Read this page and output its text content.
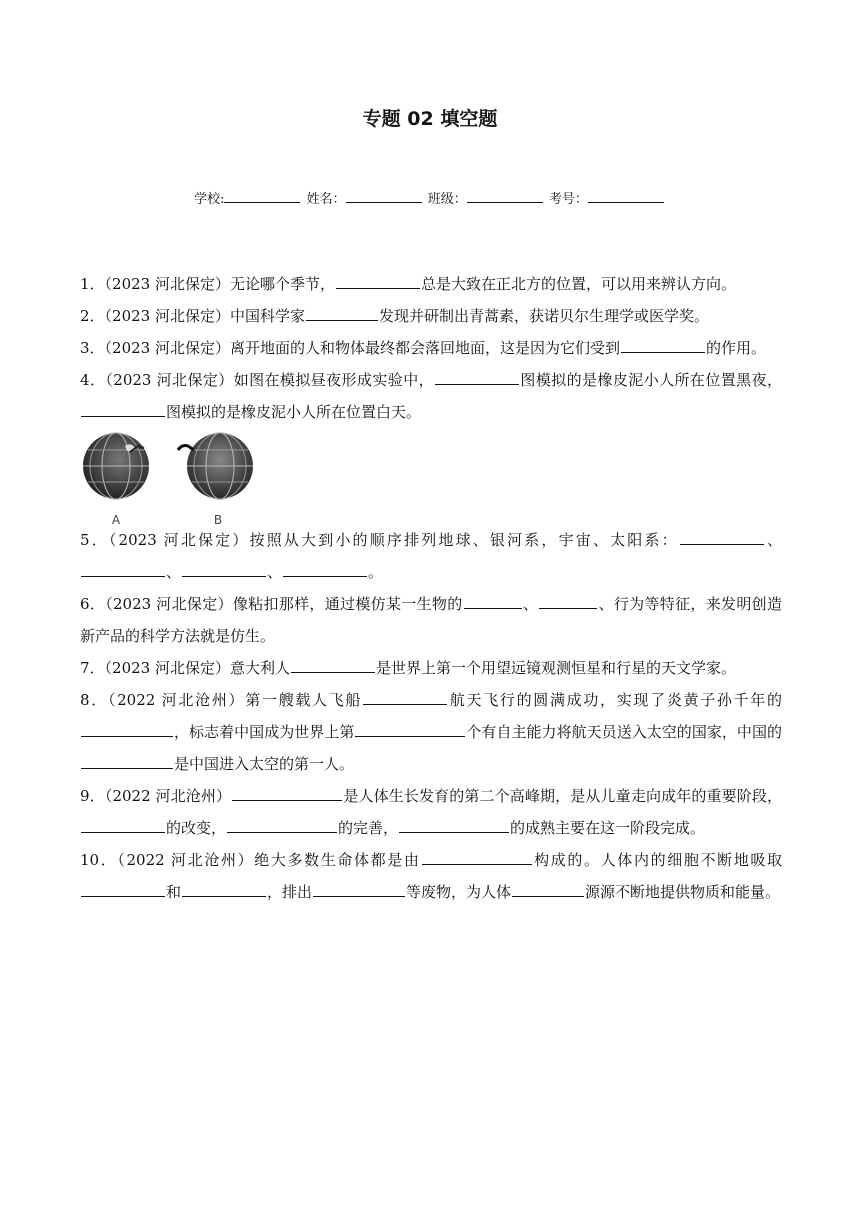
专题 02 填空题
学校:	姓名：	班级：	考号：

1．（2023 河北保定）无论哪个季节，	总是大致在正北方的位置，可以用来辨认方向。

2．（2023 河北保定）中国科学家	发现并研制出青蒿素，获诺贝尔生理学或医学奖。

3．（2023 河北保定）离开地面的人和物体最终都会落回地面，这是因为它们受到	的作用。

4．（2023 河北保定）如图在模拟昼夜形成实验中，	图模拟的是橡皮泥小人所在位置黑夜，图模拟的是橡皮泥小人所在位置白天。

A	B

5．（2023 河北保定）按照从大到小的顺序排列地球、银河系，宇宙、太阳系：	、、	、	。

6．（2023 河北保定）像粘扣那样，通过模仿某一生物的	、	、行为等特征，来发明创造新产品的科学方法就是仿生。

7．（2023 河北保定）意大利人	是世界上第一个用望远镜观测恒星和行星的天文学家。

8．（2022 河北沧州）第一艘载人飞船	航天飞行的圆满成功，实现了炎黄子孙千年的，标志着中国成为世界上第	个有自主能力将航天员送入太空的国家，中国的是中国进入太空的第一人。

9．（2022 河北沧州）	是人体生长发育的第二个高峰期，是从儿童走向成年的重要阶段，的改变，	的完善，	的成熟主要在这一阶段完成。

10．（2022 河北沧州）绝大多数生命体都是由	构成的。人体内的细胞不断地吸取和	，排出	等废物，为人体	源源不断地提供物质和能量。
